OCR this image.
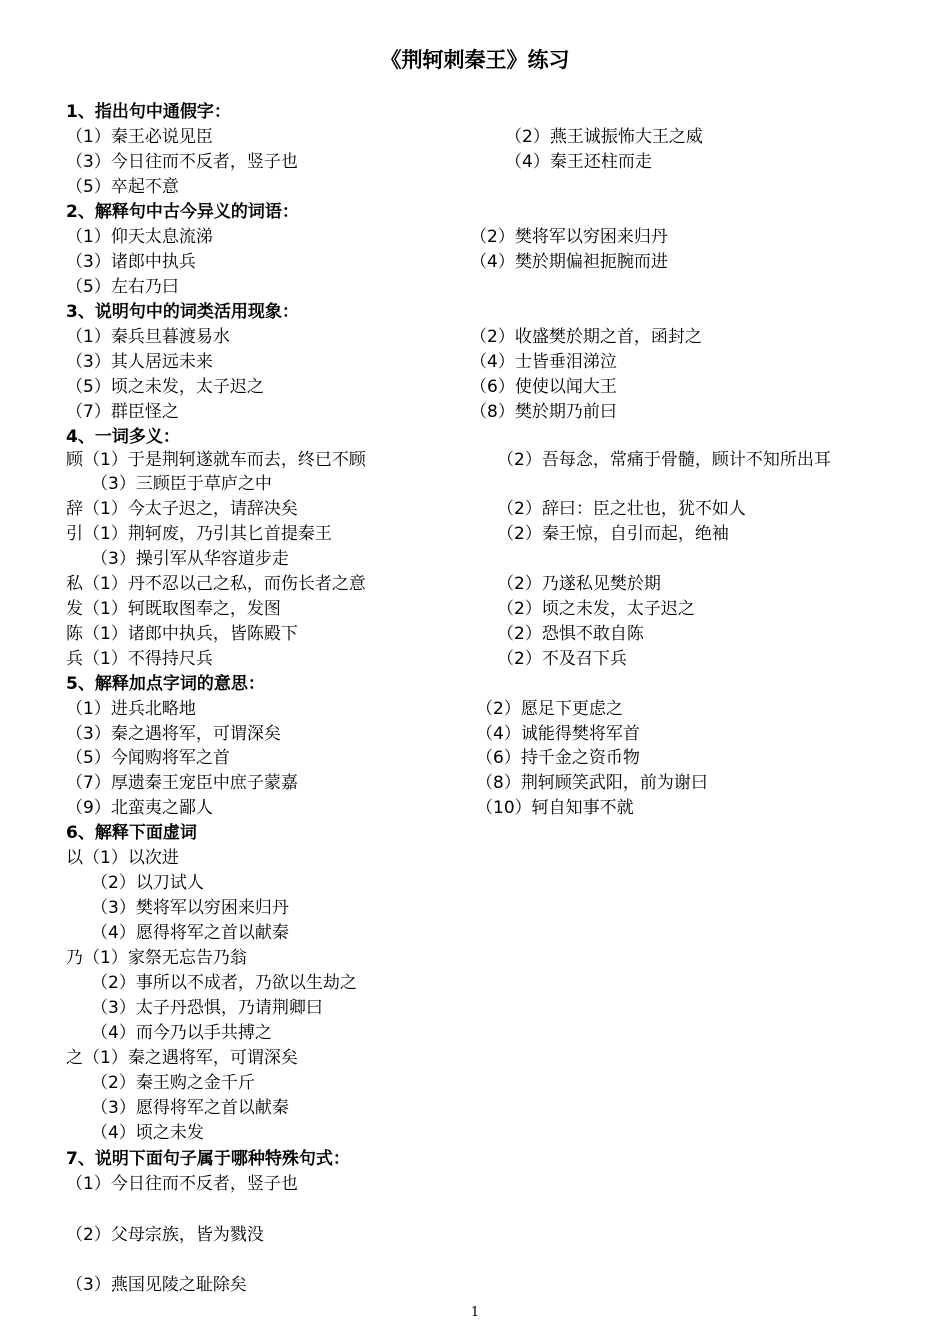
《荆轲刺秦王》练习
1、指出句中通假字：
（1）秦王必说见臣	（2）燕王诚振怖大王之威
（3）今日往而不反者，竖子也	（4）秦王还柱而走
（5）卒起不意
2、解释句中古今异义的词语：
（1）仰天太息流涕	（2）樊将军以穷困来归丹
（3）诸郎中执兵	（4）樊於期偏袒扼腕而进
（5）左右乃曰
3、说明句中的词类活用现象：
（1）秦兵旦暮渡易水	（2）收盛樊於期之首，函封之
（3）其人居远未来	（4）士皆垂泪涕泣
（5）顷之未发，太子迟之	（6）使使以闻大王
（7）群臣怪之	（8）樊於期乃前曰
4、一词多义：
顾（1）于是荆轲遂就车而去，终已不顾	（2）吾每念，常痛于骨髓，顾计不知所出耳
（3）三顾臣于草庐之中
辞（1）今太子迟之，请辞决矣	（2）辞曰：臣之壮也，犹不如人
引（1）荆轲废，乃引其匕首提秦王	（2）秦王惊，自引而起，绝袖
（3）操引军从华容道步走
私（1）丹不忍以己之私，而伤长者之意	（2）乃遂私见樊於期
发（1）轲既取图奉之，发图	（2）顷之未发，太子迟之
陈（1）诸郎中执兵，皆陈殿下	（2）恐惧不敢自陈
兵（1）不得持尺兵	（2）不及召下兵
5、解释加点字词的意思：
（1）进兵北略地	（2）愿足下更虑之
（3）秦之遇将军，可谓深矣	（4）诚能得樊将军首
（5）今闻购将军之首	（6）持千金之资币物
（7）厚遗秦王宠臣中庶子蒙嘉	（8）荆轲顾笑武阳，前为谢曰
（9）北蛮夷之鄙人	（10）轲自知事不就
6、解释下面虚词
以（1）以次进
（2）以刀试人
（3）樊将军以穷困来归丹
（4）愿得将军之首以献秦
乃（1）家祭无忘告乃翁
（2）事所以不成者，乃欲以生劫之
（3）太子丹恐惧，乃请荆卿曰
（4）而今乃以手共搏之
之（1）秦之遇将军，可谓深矣
（2）秦王购之金千斤
（3）愿得将军之首以献秦
（4）顷之未发
7、说明下面句子属于哪种特殊句式：
（1）今日往而不反者，竖子也
（2）父母宗族，皆为戮没
（3）燕国见陵之耻除矣
1
